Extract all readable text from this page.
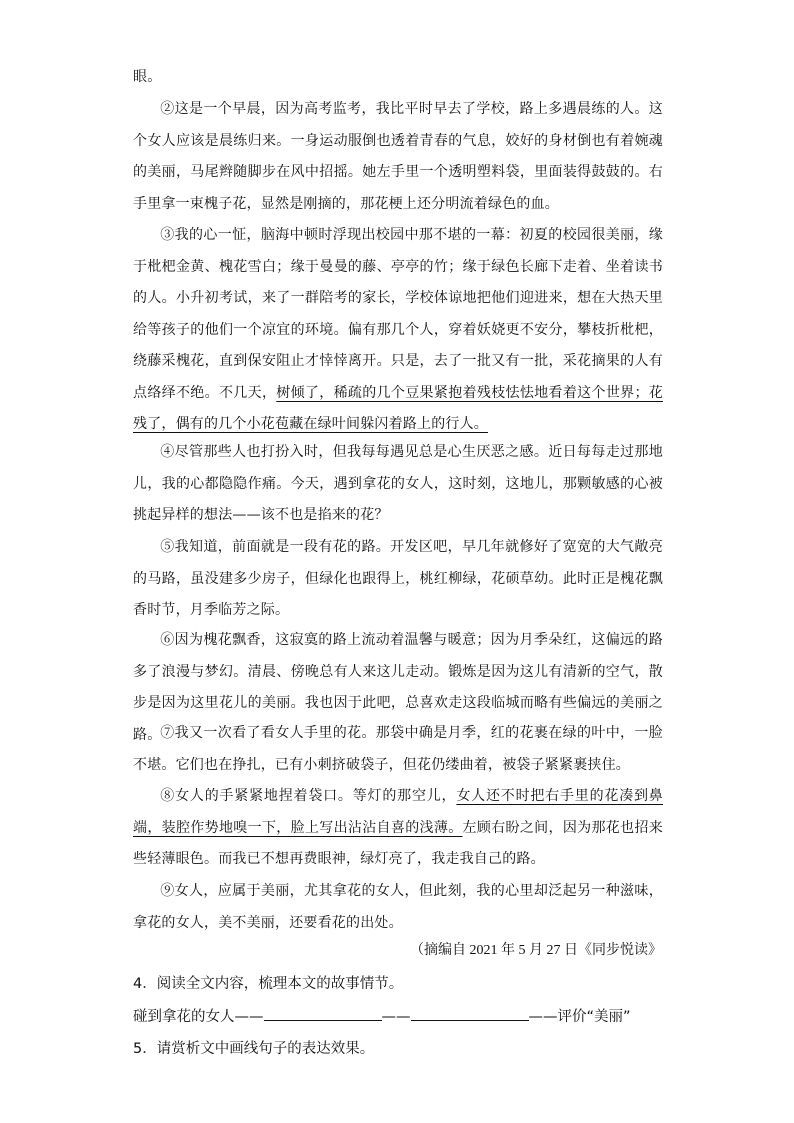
眼。

②这是一个早晨，因为高考监考，我比平时早去了学校，路上多遇晨练的人。这个女人应该是晨练归来。一身运动服倒也透着青春的气息，姣好的身材倒也有着婉魂的美丽，马尾辫随脚步在风中招摇。她左手里一个透明塑料袋，里面装得鼓鼓的。右手里拿一束槐子花，显然是刚摘的，那花梗上还分明流着绿色的血。

③我的心一怔，脑海中顿时浮现出校园中那不堪的一幕：初夏的校园很美丽，缘于枇杷金黄、槐花雪白；缘于曼曼的藤、亭亭的竹；缘于绿色长廊下走着、坐着读书的人。小升初考试，来了一群陪考的家长，学校体谅地把他们迎进来，想在大热天里给等孩子的他们一个凉宜的环境。偏有那几个人，穿着妖娆更不安分，攀枝折枇杷，绕藤采槐花，直到保安阻止才悻悻离开。只是，去了一批又有一批，采花摘果的人有点络绎不绝。不几天，树倾了，稀疏的几个豆果紧抱着残枝怯怯地看着这个世界；花残了，偶有的几个小花苞藏在绿叶间躲闪着路上的行人。

④尽管那些人也打扮入时，但我每每遇见总是心生厌恶之感。近日每每走过那地儿，我的心都隐隐作痛。今天，遇到拿花的女人，这时刻，这地儿，那颗敏感的心被挑起异样的想法——该不也是掐来的花？

⑤我知道，前面就是一段有花的路。开发区吧，早几年就修好了宽宽的大气敞亮的马路，虽没建多少房子，但绿化也跟得上，桃红柳绿，花硕草幼。此时正是槐花飘香时节，月季临芳之际。

⑥因为槐花飘香，这寂寞的路上流动着温馨与暖意；因为月季朵红，这偏远的路多了浪漫与梦幻。清晨、傍晚总有人来这儿走动。锻炼是因为这儿有清新的空气，散步是因为这里花儿的美丽。我也因于此吧，总喜欢走这段临城而略有些偏远的美丽之路。

⑦我又一次看了看女人手里的花。那袋中确是月季，红的花裹在绿的叶中，一脸不堪。它们也在挣扎，已有小刺挤破袋子，但花仍缕曲着，被袋子紧紧裹挟住。

⑧女人的手紧紧地捏着袋口。等灯的那空儿，女人还不时把右手里的花凑到鼻端，装腔作势地嗅一下，脸上写出沾沾自喜的浅薄。左顾右盼之间，因为那花也招来些轻薄眼色。而我已不想再费眼神，绿灯亮了，我走我自己的路。

⑨女人，应属于美丽，尤其拿花的女人，但此刻，我的心里却泛起另一种滋味，拿花的女人，美不美丽，还要看花的出处。

（摘编自 2021 年 5 月 27 日《同步悦读》
4．阅读全文内容，梳理本文的故事情节。
碰到拿花的女人——	——	——评价“美丽”
5．请赏析文中画线句子的表达效果。
